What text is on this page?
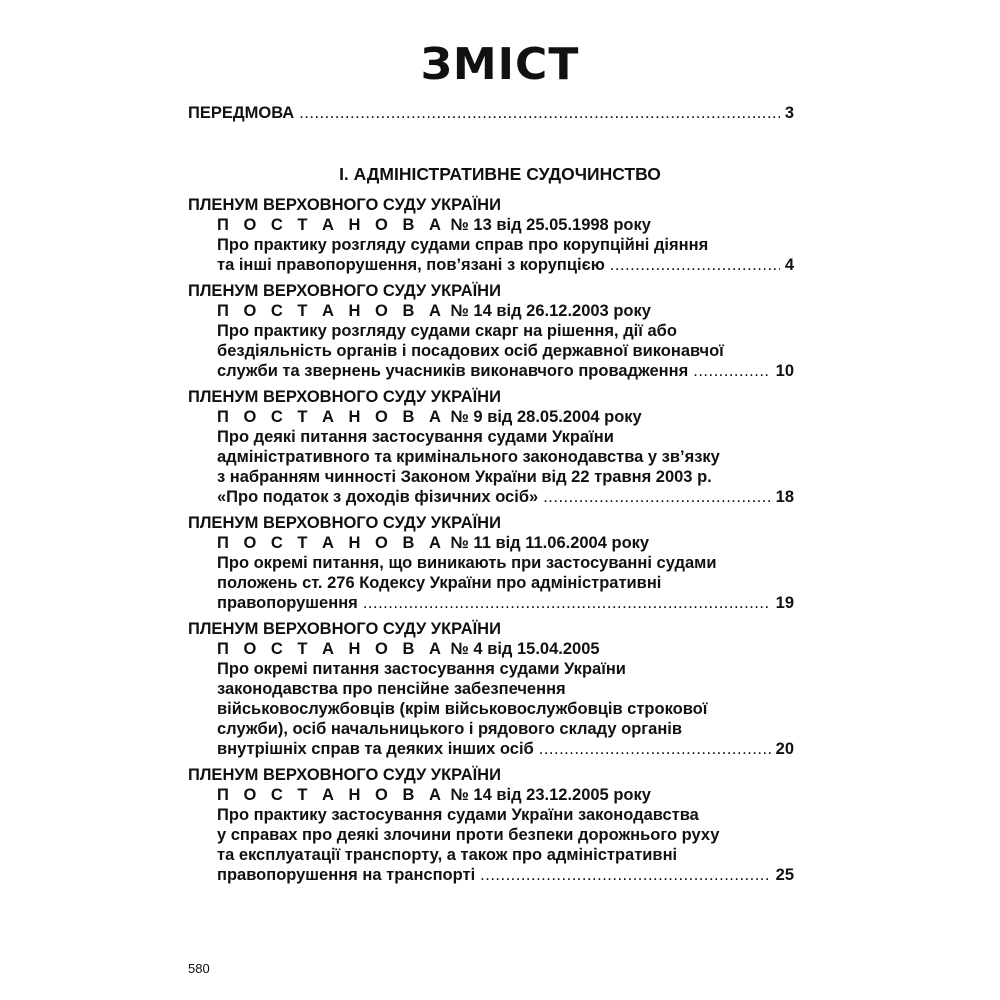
ЗМІСТ
ПЕРЕДМОВА .....	3
І. АДМІНІСТРАТИВНЕ СУДОЧИНСТВО
ПЛЕНУМ ВЕРХОВНОГО СУДУ УКРАЇНИ
П О С Т А Н О В А № 13 від 25.05.1998 року
Про практику розгляду судами справ про корупційні діяння
та інші правопорушення, пов’язані з корупцією .....	4
ПЛЕНУМ ВЕРХОВНОГО СУДУ УКРАЇНИ
П О С Т А Н О В А № 14 від 26.12.2003 року
Про практику розгляду судами скарг на рішення, дії або
бездіяльність органів і посадових осіб державної виконавчої
служби та звернень учасників виконавчого провадження .....	10
ПЛЕНУМ ВЕРХОВНОГО СУДУ УКРАЇНИ
П О С Т А Н О В А № 9 від 28.05.2004 року
Про деякі питання застосування судами України
адміністративного та кримінального законодавства у зв’язку
з набранням чинності Законом України від 22 травня 2003 р.
«Про податок з доходів фізичних осіб» .....	18
ПЛЕНУМ ВЕРХОВНОГО СУДУ УКРАЇНИ
П О С Т А Н О В А № 11 від 11.06.2004 року
Про окремі питання, що виникають при застосуванні судами
положень ст. 276 Кодексу України про адміністративні
правопорушення .....	19
ПЛЕНУМ ВЕРХОВНОГО СУДУ УКРАЇНИ
П О С Т А Н О В А № 4 від 15.04.2005
Про окремі питання застосування судами України
законодавства про пенсійне забезпечення
військовослужбовців (крім військовослужбовців строкової
служби), осіб начальницького і рядового складу органів
внутрішніх справ та деяких інших осіб .....	20
ПЛЕНУМ ВЕРХОВНОГО СУДУ УКРАЇНИ
П О С Т А Н О В А № 14 від 23.12.2005 року
Про практику застосування судами України законодавства
у справах про деякі злочини проти безпеки дорожнього руху
та експлуатації транспорту, а також про адміністративні
правопорушення на транспорті .....	25
580
